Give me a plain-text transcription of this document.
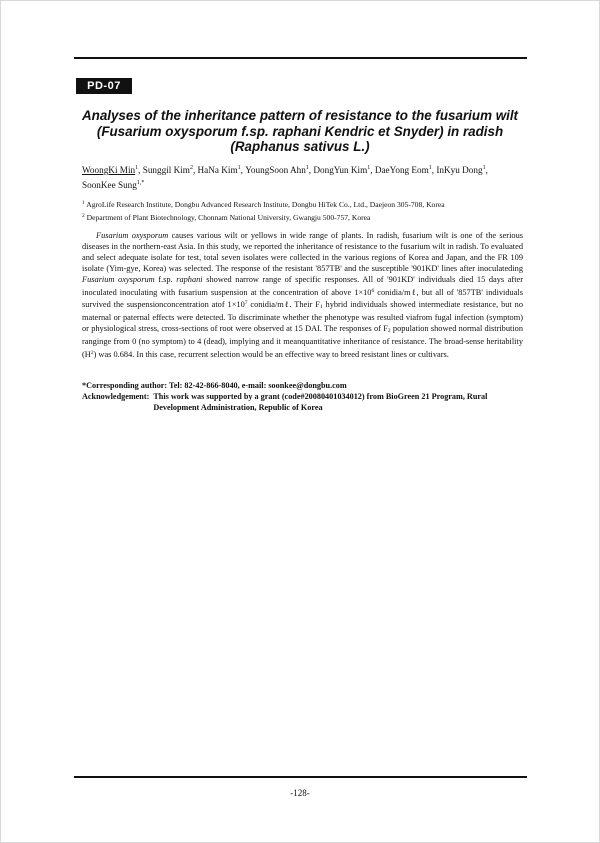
PD-07
Analyses of the inheritance pattern of resistance to the fusarium wilt (Fusarium oxysporum f.sp. raphani Kendric et Snyder) in radish (Raphanus sativus L.)
WoongKi Min$^1$, Sunggil Kim$^2$, HaNa Kim$^1$, YoungSoon Ahn$^1$, DongYun Kim$^1$, DaeYong Eom$^1$, InKyu Dong$^1$,
SoonKee Sung$^{1,*}$
$^1$ AgroLife Research Institute, Dongbu Advanced Research Institute, Dongbu HiTek Co., Ltd., Daejeon 305-708, Korea
$^2$ Department of Plant Biotechnology, Chonnam National University, Gwangju 500-757, Korea
Fusarium oxysporum causes various wilt or yellows in wide range of plants. In radish, fusarium wilt is one of the serious diseases in the northern-east Asia. In this study, we reported the inheritance of resistance to the fusarium wilt in radish. To evaluated and select adequate isolate for test, total seven isolates were collected in the various regions of Korea and Japan, and the FR 109 isolate (Yim-gye, Korea) was selected. The response of the resistant '857TB' and the susceptible '901KD' lines after inoculateding Fusarium oxysporum f.sp. raphani showed narrow range of specific responses. All of '901KD' individuals died 15 days after inoculated inoculating with fusarium suspension at the concentration of above $1\times 10^6$ conidia/mℓ, but all of '857TB' individuals survived the suspensionconcentration atof $1\times 10^7$ conidia/mℓ. Their $F_1$ hybrid individuals showed intermediate resistance, but no maternal or paternal effects were detected. To discriminate whether the phenotype was resulted viafrom fugal infection (symptom) or physiological stress, cross-sections of root were observed at 15 DAI. The responses of $F_2$ population showed normal distribution ranginge from 0 (no symptom) to 4 (dead), implying and it meanquantitative inheritance of resistance. The broad-sense heritability $(H^2)$ was 0.684. In this case, recurrent selection would be an effective way to breed resistant lines or cultivars.
*Corresponding author: Tel: 82-42-866-8040, e-mail: soonkee@dongbu.com
Acknowledgement: This work was supported by a grant (code#20080401034012) from BioGreen 21 Program, Rural Development Administration, Republic of Korea
-128-
